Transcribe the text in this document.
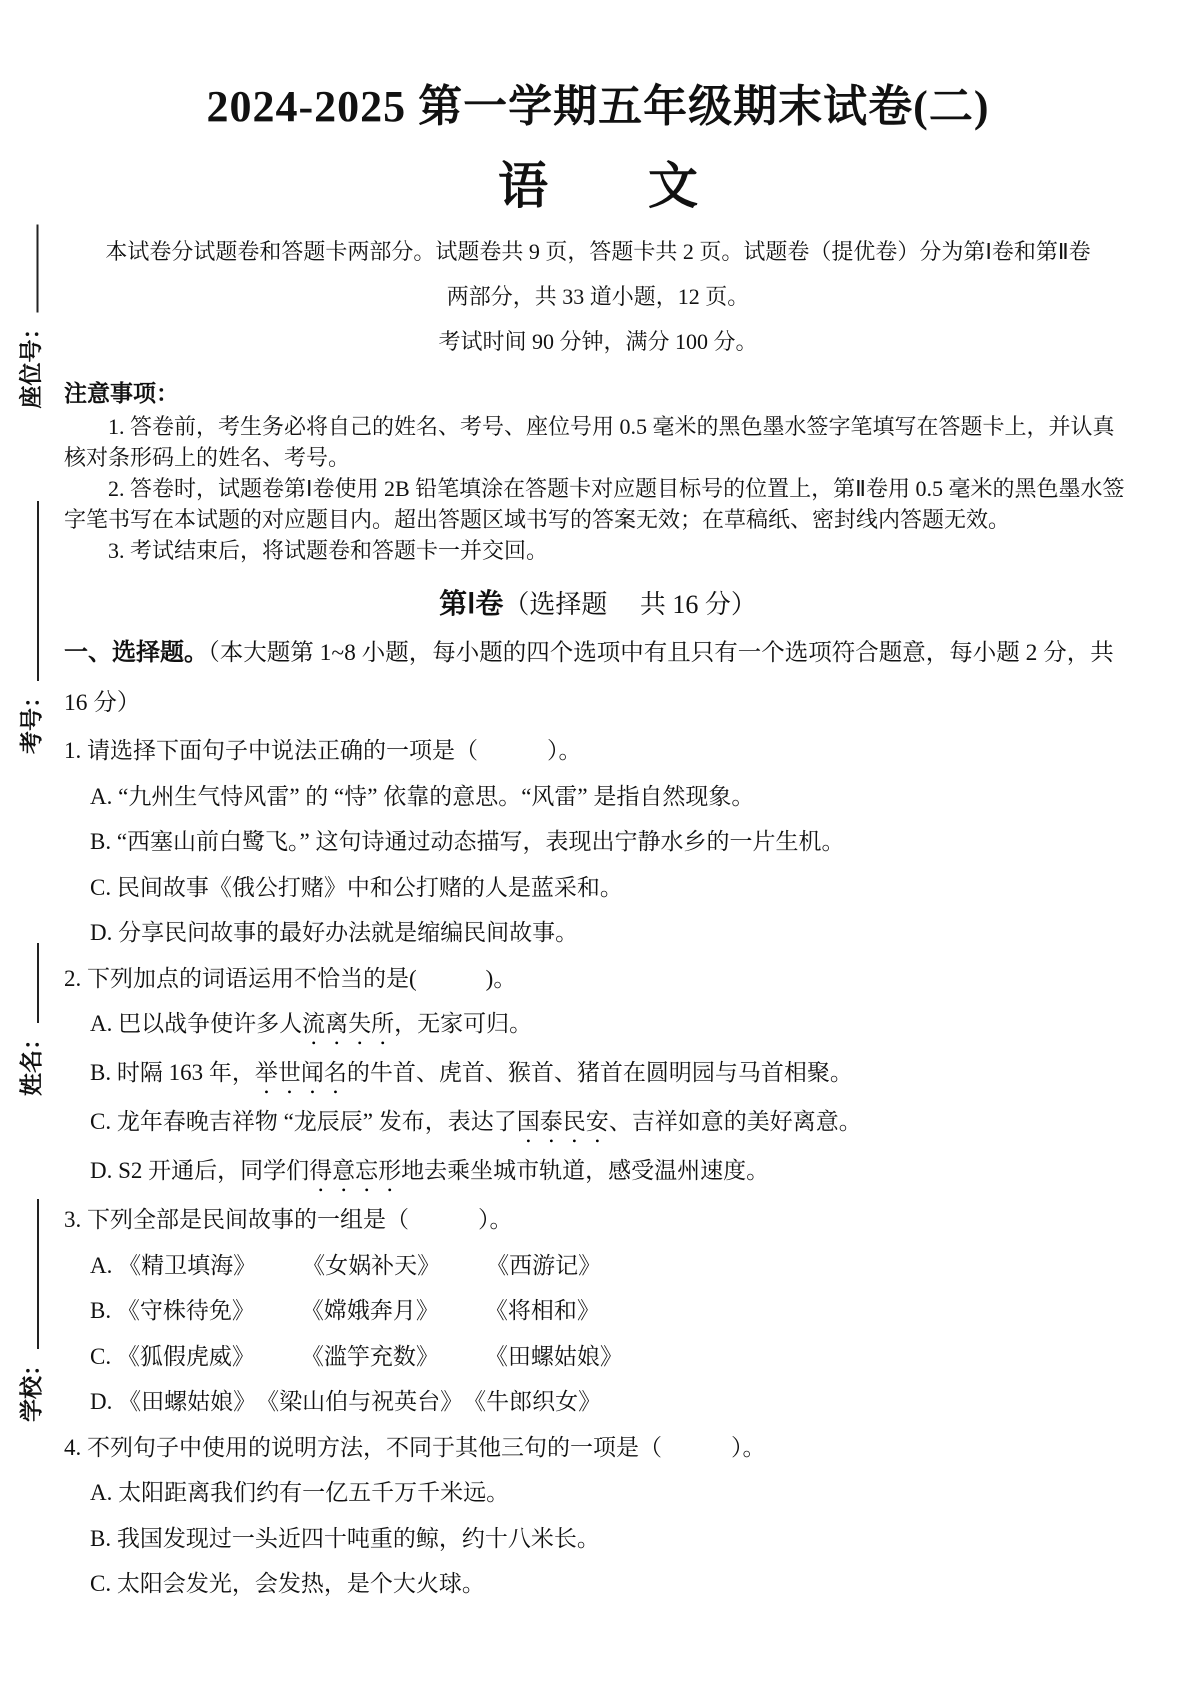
座位号：
考号：
姓名：
学校：
2024-2025 第一学期五年级期末试卷(二)
语　　文

本试卷分试题卷和答题卡两部分。试题卷共 9 页，答题卡共 2 页。试题卷（提优卷）分为第Ⅰ卷和第Ⅱ卷

两部分，共 33 道小题，12 页。

考试时间 90 分钟，满分 100 分。

注意事项：

1. 答卷前，考生务必将自己的姓名、考号、座位号用 0.5 毫米的黑色墨水签字笔填写在答题卡上，并认真核对条形码上的姓名、考号。

2. 答卷时，试题卷第Ⅰ卷使用 2B 铅笔填涂在答题卡对应题目标号的位置上，第Ⅱ卷用 0.5 毫米的黑色墨水签字笔书写在本试题的对应题目内。超出答题区域书写的答案无效；在草稿纸、密封线内答题无效。

3. 考试结束后，将试题卷和答题卡一并交回。

第Ⅰ卷（选择题　 共 16 分）

一、选择题。（本大题第 1~8 小题，每小题的四个选项中有且只有一个选项符合题意，每小题 2 分，共 16 分）

1. 请选择下面句子中说法正确的一项是（　　　）。
A. “九州生气恃风雷” 的 “恃” 依靠的意思。“风雷” 是指自然现象。
B. “西塞山前白鹭飞。” 这句诗通过动态描写，表现出宁静水乡的一片生机。
C. 民间故事《俄公打赌》中和公打赌的人是蓝采和。
D. 分享民问故事的最好办法就是缩编民间故事。
2. 下列加点的词语运用不恰当的是(　　　)。
A. 巴以战争使许多人流离失所，无家可归。
B. 时隔 163 年，举世闻名的牛首、虎首、猴首、猪首在圆明园与马首相聚。
C. 龙年春晚吉祥物 “龙辰辰” 发布，表达了国泰民安、吉祥如意的美好离意。
D. S2 开通后，同学们得意忘形地去乘坐城市轨道，感受温州速度。
3. 下列全部是民间故事的一组是（　　　）。
A. 《精卫填海》　　　《女娲补天》　　　《西游记》
B. 《守株待免》　　　《嫦娥奔月》　　　《将相和》
C. 《狐假虎威》　　　《滥竽充数》　　　《田螺姑娘》
D. 《田螺姑娘》　《梁山伯与祝英台》　《牛郎织女》
4. 不列句子中使用的说明方法，不同于其他三句的一项是（　　　）。
A. 太阳距离我们约有一亿五千万千米远。
B. 我国发现过一头近四十吨重的鲸，约十八米长。
C. 太阳会发光，会发热，是个大火球。
